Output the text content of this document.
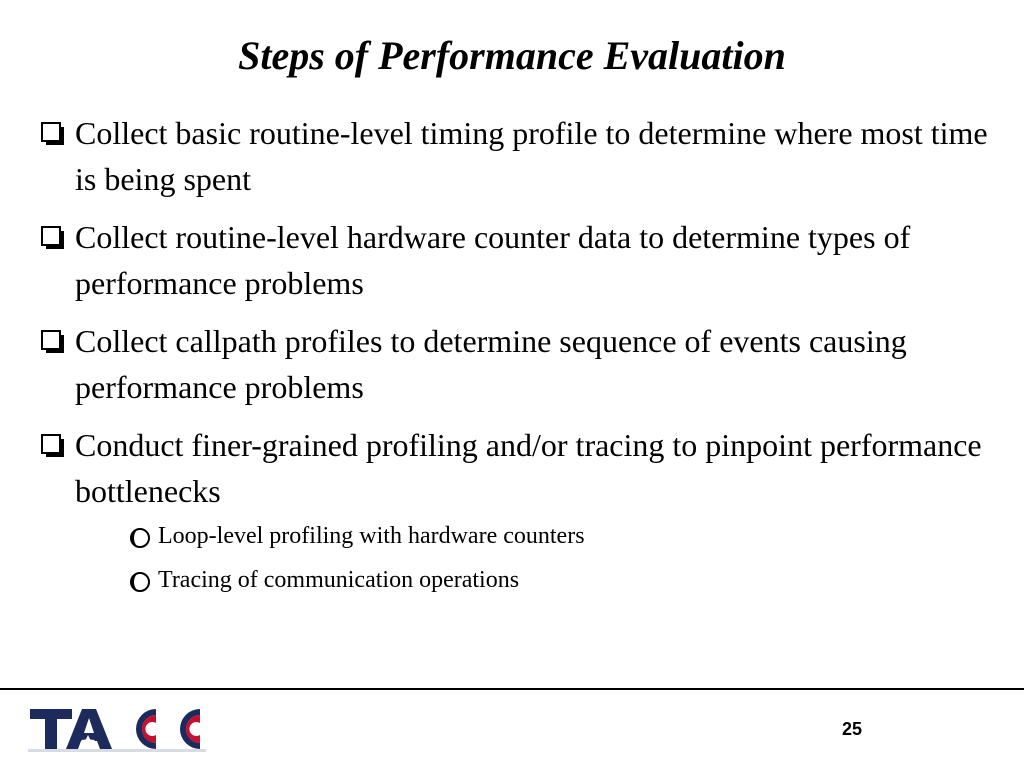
Steps of Performance Evaluation
Collect basic routine-level timing profile to determine where most time is being spent
Collect routine-level hardware counter data to determine types of performance problems
Collect callpath profiles to determine sequence of events causing performance problems
Conduct finer-grained profiling and/or tracing to pinpoint performance bottlenecks
Loop-level profiling with hardware counters
Tracing of communication operations
25
